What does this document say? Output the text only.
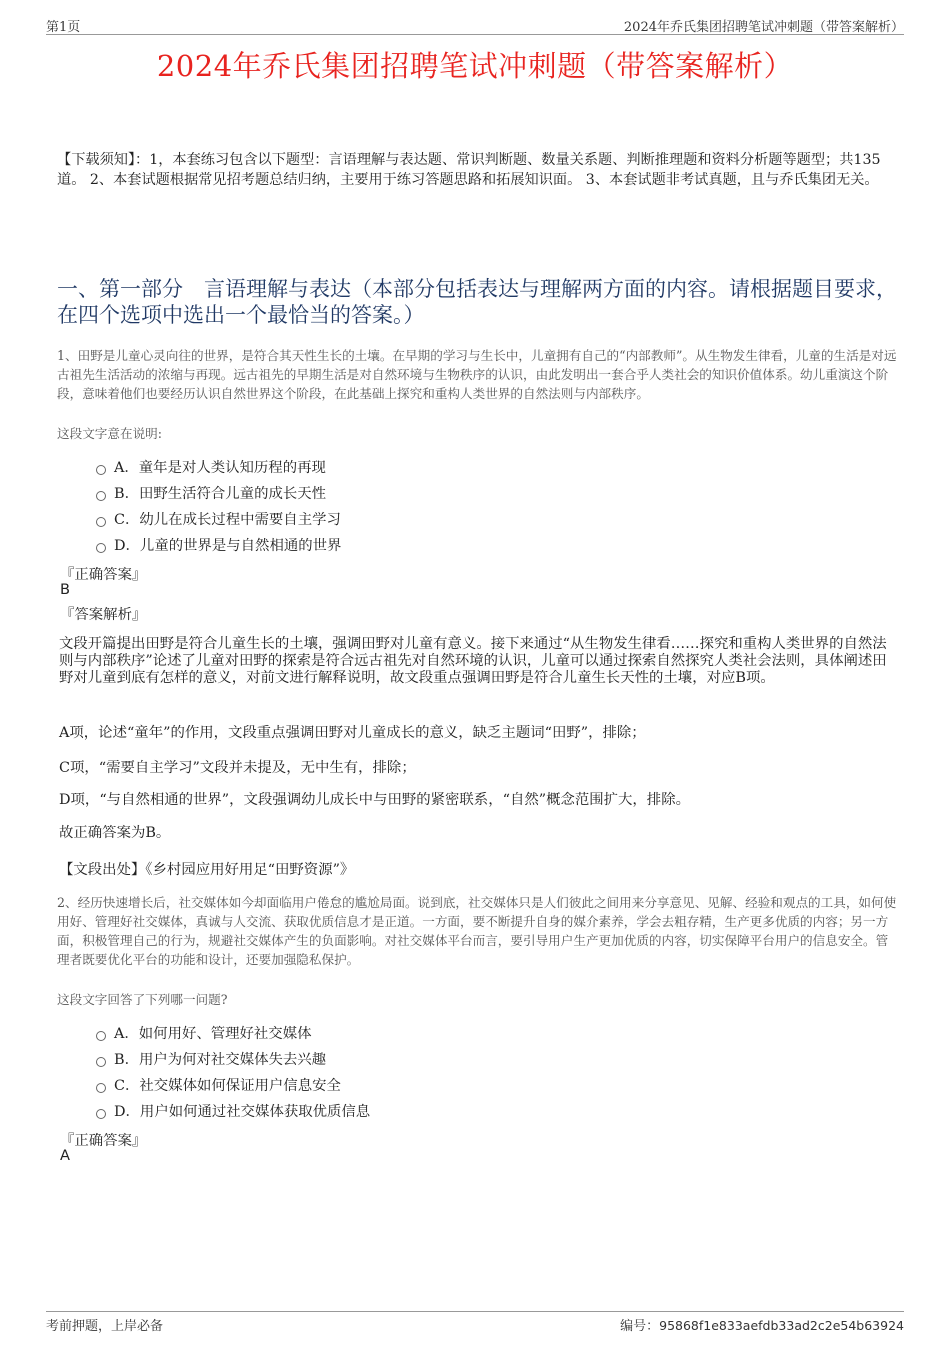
第1页	2024年乔氏集团招聘笔试冲刺题（带答案解析）
2024年乔氏集团招聘笔试冲刺题（带答案解析）
【下载须知】：1，本套练习包含以下题型：言语理解与表达题、常识判断题、数量关系题、判断推理题和资料分析题等题型；共135道。 2、本套试题根据常见招考题总结归纳，主要用于练习答题思路和拓展知识面。 3、本套试题非考试真题，且与乔氏集团无关。
一、第一部分　言语理解与表达（本部分包括表达与理解两方面的内容。请根据题目要求，在四个选项中选出一个最恰当的答案。）
1、田野是儿童心灵向往的世界，是符合其天性生长的土壤。在早期的学习与生长中，儿童拥有自己的“内部教师”。从生物发生律看，儿童的生活是对远古祖先生活活动的浓缩与再现。远古祖先的早期生活是对自然环境与生物秩序的认识，由此发明出一套合乎人类社会的知识价值体系。幼儿重演这个阶段，意味着他们也要经历认识自然世界这个阶段，在此基础上探究和重构人类世界的自然法则与内部秩序。
这段文字意在说明:
A．童年是对人类认知历程的再现
B．田野生活符合儿童的成长天性
C．幼儿在成长过程中需要自主学习
D．儿童的世界是与自然相通的世界
『正确答案』
B
『答案解析』
文段开篇提出田野是符合儿童生长的土壤，强调田野对儿童有意义。接下来通过“从生物发生律看……探究和重构人类世界的自然法则与内部秩序”论述了儿童对田野的探索是符合远古祖先对自然环境的认识，儿童可以通过探索自然探究人类社会法则，具体阐述田野对儿童到底有怎样的意义，对前文进行解释说明，故文段重点强调田野是符合儿童生长天性的土壤，对应B项。
A项，论述“童年”的作用，文段重点强调田野对儿童成长的意义，缺乏主题词“田野”，排除；
C项，“需要自主学习”文段并未提及，无中生有，排除；
D项，“与自然相通的世界”，文段强调幼儿成长中与田野的紧密联系，“自然”概念范围扩大，排除。
故正确答案为B。
【文段出处】《乡村园应用好用足“田野资源”》
2、经历快速增长后，社交媒体如今却面临用户倦怠的尴尬局面。说到底，社交媒体只是人们彼此之间用来分享意见、见解、经验和观点的工具，如何使用好、管理好社交媒体，真诚与人交流、获取优质信息才是正道。一方面，要不断提升自身的媒介素养，学会去粗存精，生产更多优质的内容；另一方面，积极管理自己的行为，规避社交媒体产生的负面影响。对社交媒体平台而言，要引导用户生产更加优质的内容，切实保障平台用户的信息安全。管理者既要优化平台的功能和设计，还要加强隐私保护。
这段文字回答了下列哪一问题?
A．如何用好、管理好社交媒体
B．用户为何对社交媒体失去兴趣
C．社交媒体如何保证用户信息安全
D．用户如何通过社交媒体获取优质信息
『正确答案』
A
考前押题，上岸必备	编号：95868f1e833aefdb33ad2c2e54b63924
